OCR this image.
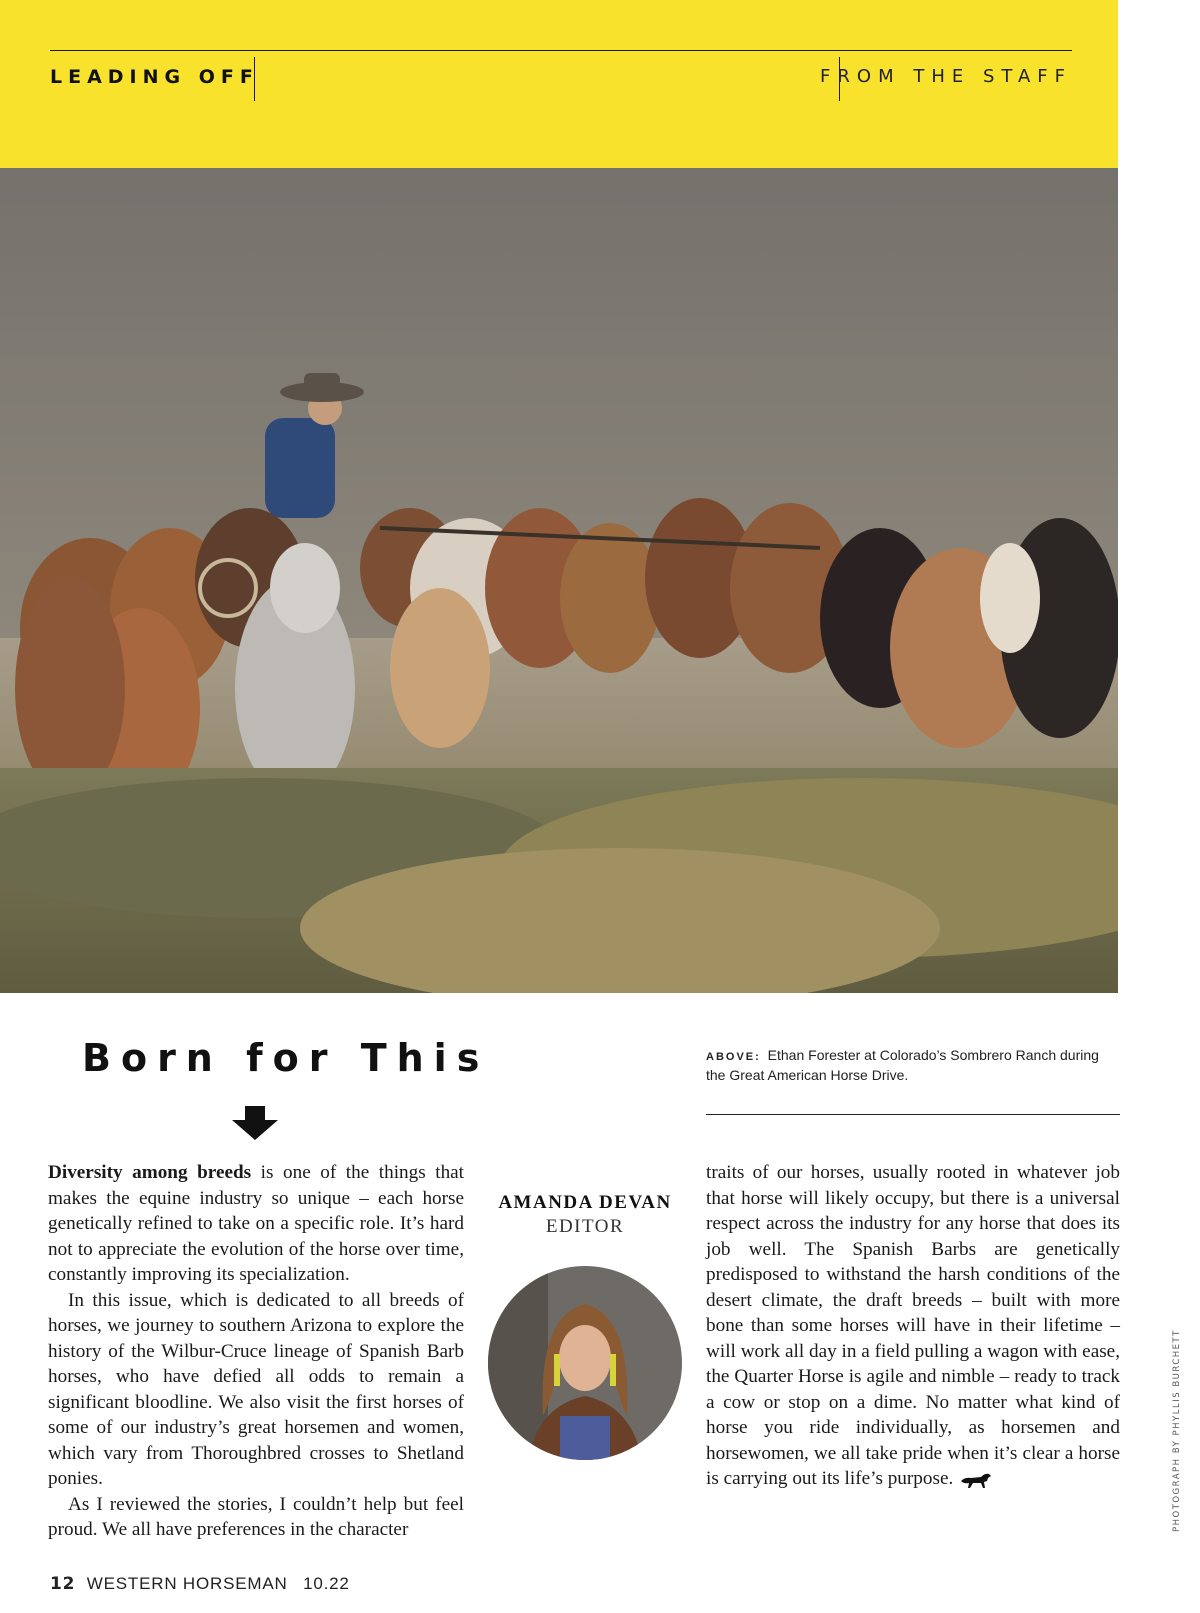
LEADING OFF	FROM THE STAFF
Born for This	ABOVE: Ethan Forester at Colorado’s Sombrero Ranch during the Great American Horse Drive.

Diversity among breeds is one of the things that makes the equine industry so unique – each horse genetically refined to take on a specific role. It’s hard not to appreciate the evolution of the horse over time, constantly improving its specialization.

In this issue, which is dedicated to all breeds of horses, we journey to southern Arizona to explore the history of the Wilbur-Cruce lineage of Spanish Barb horses, who have defied all odds to remain a significant bloodline. We also visit the first horses of some of our industry’s great horsemen and women, which vary from Thoroughbred crosses to Shetland ponies.

As I reviewed the stories, I couldn’t help but feel proud. We all have preferences in the character

AMANDA DEVAN
EDITOR

traits of our horses, usually rooted in whatever job that horse will likely occupy, but there is a universal respect across the industry for any horse that does its job well. The Spanish Barbs are genetically predisposed to withstand the harsh conditions of the desert climate, the draft breeds – built with more bone than some horses will have in their lifetime – will work all day in a field pulling a wagon with ease, the Quarter Horse is agile and nimble – ready to track a cow or stop on a dime. No matter what kind of horse you ride individually, as horsemen and horsewomen, we all take pride when it’s clear a horse is carrying out its life’s purpose.	PHOTOGRAPH BY PHYLLIS BURCHETT
12 WESTERN HORSEMAN 10.22
